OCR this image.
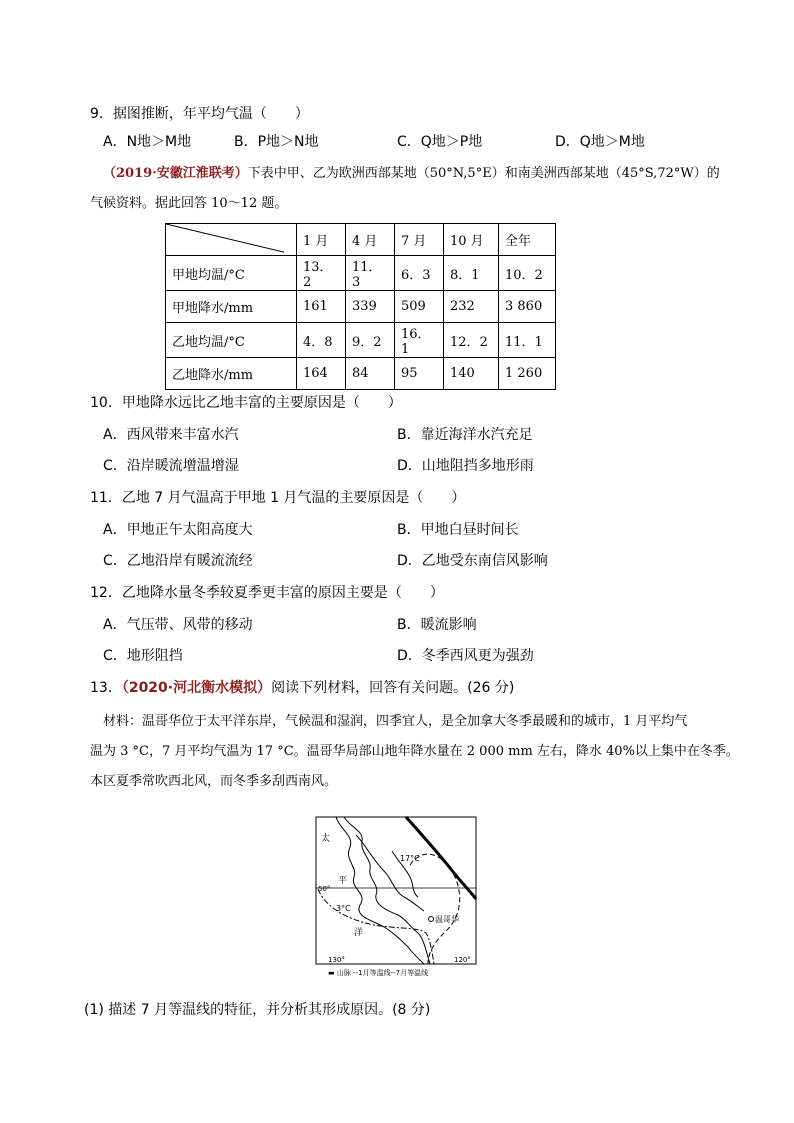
9．据图推断，年平均气温（　　）
A．N地＞M地	B．P地＞N地	C．Q地＞P地	D．Q地＞M地
（2019·安徽江淮联考）下表中甲、乙为欧洲西部某地（50°N,5°E）和南美洲西部某地（45°S,72°W）的
气候资料。据此回答 10～12 题。
	1 月	4 月	7 月	10 月	全年
甲地均温/°C	13．2	11．3	6．3	8．1	10．2
甲地降水/mm	161	339	509	232	3 860
乙地均温/°C	4．8	9．2	16．1	12．2	11．1
乙地降水/mm	164	84	95	140	1 260
10．甲地降水远比乙地丰富的主要原因是（　　）
A．西风带来丰富水汽	B．靠近海洋水汽充足
C．沿岸暖流增温增湿	D．山地阻挡多地形雨
11．乙地 7 月气温高于甲地 1 月气温的主要原因是（　　）
A．甲地正午太阳高度大	B．甲地白昼时间长
C．乙地沿岸有暖流流经	D．乙地受东南信风影响
12．乙地降水量冬季较夏季更丰富的原因主要是（　　）
A．气压带、风带的移动	B．暖流影响
C．地形阻挡	D．冬季西风更为强劲
13．（2020·河北衡水模拟）阅读下列材料，回答有关问题。(26 分)
材料：温哥华位于太平洋东岸，气候温和湿润，四季宜人，是全加拿大冬季最暖和的城市，1 月平均气
温为 3 °C，7 月平均气温为 17 °C。温哥华局部山地年降水量在 2 000 mm 左右，降水 40%以上集中在冬季。
本区夏季常吹西北风，而冬季多刮西南风。
温哥华
太
平
洋
50°
130°	120°
17°C
3°C
▬ 山脉 --1月等温线--7月等温线
(1) 描述 7 月等温线的特征，并分析其形成原因。(8 分)
